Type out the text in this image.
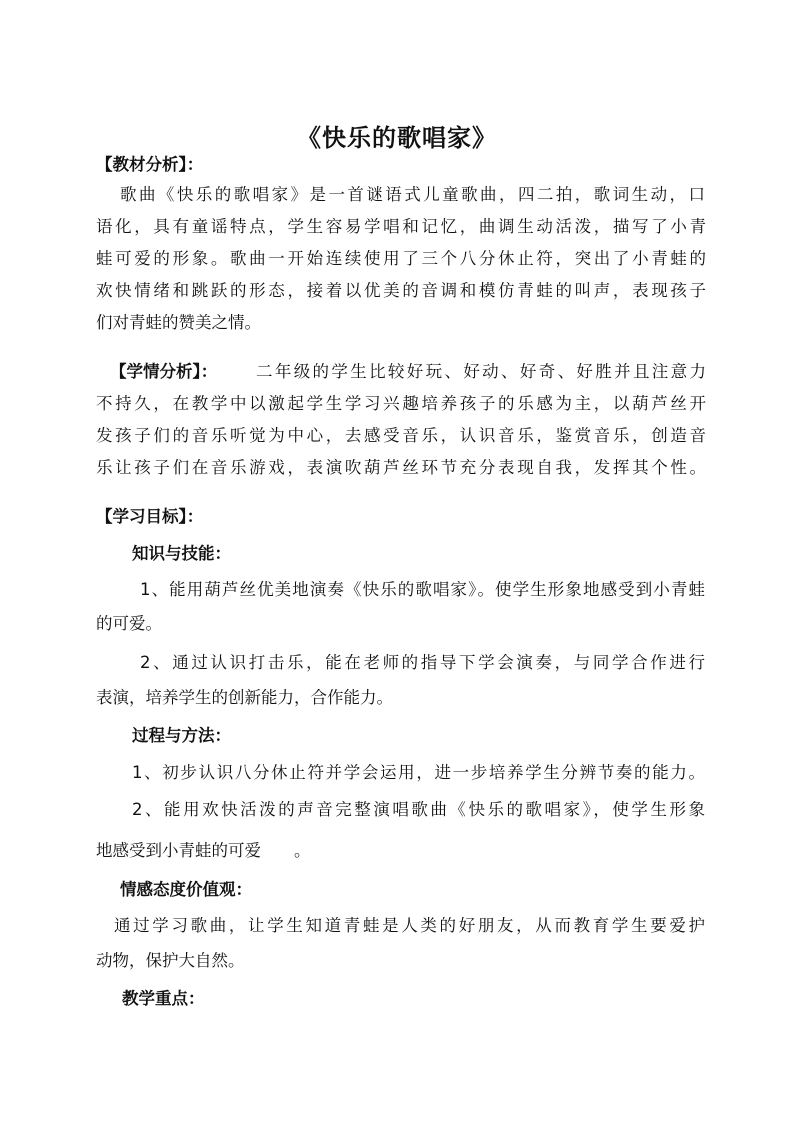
《快乐的歌唱家》
【教材分析】：
歌曲《快乐的歌唱家》是一首谜语式儿童歌曲，四二拍，歌词生动，口
语化，具有童谣特点，学生容易学唱和记忆，曲调生动活泼，描写了小青
蛙可爱的形象。歌曲一开始连续使用了三个八分休止符，突出了小青蛙的
欢快情绪和跳跃的形态，接着以优美的音调和模仿青蛙的叫声，表现孩子
们对青蛙的赞美之情。
【学情分析】：	二年级的学生比较好玩、好动、好奇、好胜并且注意力
不持久，在教学中以激起学生学习兴趣培养孩子的乐感为主，以葫芦丝开
发孩子们的音乐听觉为中心，去感受音乐，认识音乐，鉴赏音乐，创造音
乐让孩子们在音乐游戏，表演吹葫芦丝环节充分表现自我，发挥其个性。
【学习目标】：
知识与技能：
1、能用葫芦丝优美地演奏《快乐的歌唱家》。使学生形象地感受到小青蛙
的可爱。
2、通过认识打击乐，能在老师的指导下学会演奏，与同学合作进行
表演，培养学生的创新能力，合作能力。
过程与方法：
1、初步认识八分休止符并学会运用，进一步培养学生分辨节奏的能力。
2、能用欢快活泼的声音完整演唱歌曲《快乐的歌唱家》，使学生形象
地感受到小青蛙的可爱　　。
情感态度价值观：
通过学习歌曲，让学生知道青蛙是人类的好朋友，从而教育学生要爱护
动物，保护大自然。
教学重点：
